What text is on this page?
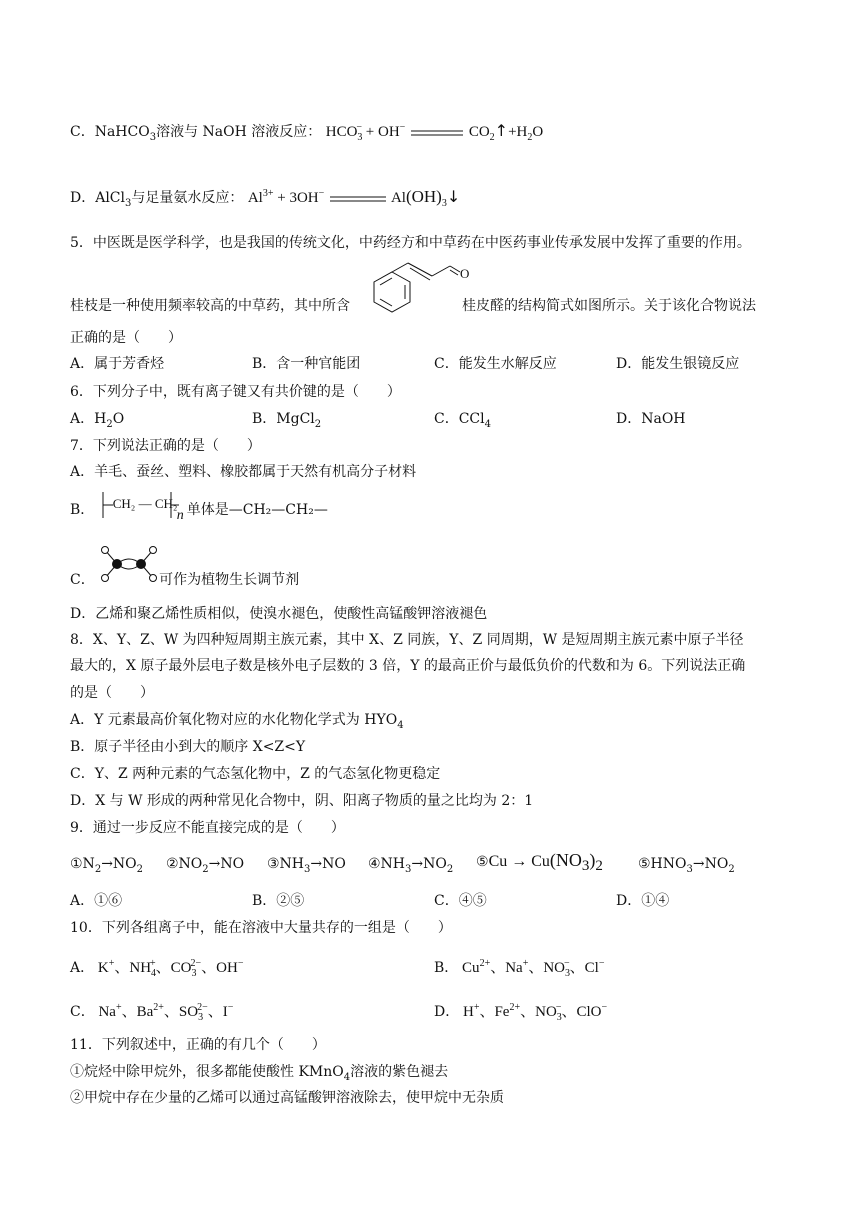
C．NaHCO$_3$溶液与 NaOH 溶液反应： $HCO_3^- + OH^-$	$CO_2↑+H_2O$
D．AlCl$_3$与足量氨水反应： $Al^{3+} + 3OH^-$	$Al(OH)_3↓$
5．中医既是医学科学，也是我国的传统文化，中药经方和中草药在中医药事业传承发展中发挥了重要的作用。
O
桂枝是一种使用频率较高的中草药，其中所含	桂皮醛的结构简式如图所示。关于该化合物说法
正确的是（　　）
A．属于芳香烃	B．含一种官能团	C．能发生水解反应	D．能发生银镜反应
6．下列分子中，既有离子键又有共价键的是（　　）
A．$H_2O$	B．MgCl$_2$	C．CCl$_4$	D．NaOH
7．下列说法正确的是（　　）
A．羊毛、蚕丝、塑料、橡胶都属于天然有机高分子材料
B． CH₂ — CH₂
n 单体是—CH₂—CH₂—
C．	可作为植物生长调节剂
D．乙烯和聚乙烯性质相似，使溴水褪色，使酸性高锰酸钾溶液褪色
8．X、Y、Z、W 为四种短周期主族元素，其中 X、Z 同族，Y、Z 同周期，W 是短周期主族元素中原子半径
最大的，X 原子最外层电子数是核外电子层数的 3 倍，Y 的最高正价与最低负价的代数和为 6。下列说法正确
的是（　　）
A．Y 元素最高价氧化物对应的水化物化学式为 $HYO_4$
B．原子半径由小到大的顺序 X<Z<Y
C．Y、Z 两种元素的气态氢化物中，Z 的气态氢化物更稳定
D．X 与 W 形成的两种常见化合物中，阴、阳离子物质的量之比均为 2：1
9．通过一步反应不能直接完成的是（　　）
$①N_2\to NO_2$ $②NO_2\to NO$ $③NH_3\to NO$ $④NH_3\to NO_2$ ⑤Cu → $Cu(NO_3)_2$	$⑤HNO_3\to NO_2$
A．①⑥	B．②⑤	C．④⑤	D．①④
10．下列各组离子中，能在溶液中大量共存的一组是（　　）
A． K+、$NH_4^+$、$CO_3^{2-}$、OH−	B． $Cu^{2+}$、Na+、$NO_3^-$、Cl−
C． Na+、$Ba^{2+}$、$SO_3^{2-}$、I−	D． H+、$Fe^{2+}$、$NO_3^-$、ClO−
11．下列叙述中，正确的有几个（　　）
①烷烃中除甲烷外，很多都能使酸性 KMnO$_4$溶液的紫色褪去
②甲烷中存在少量的乙烯可以通过高锰酸钾溶液除去，使甲烷中无杂质
